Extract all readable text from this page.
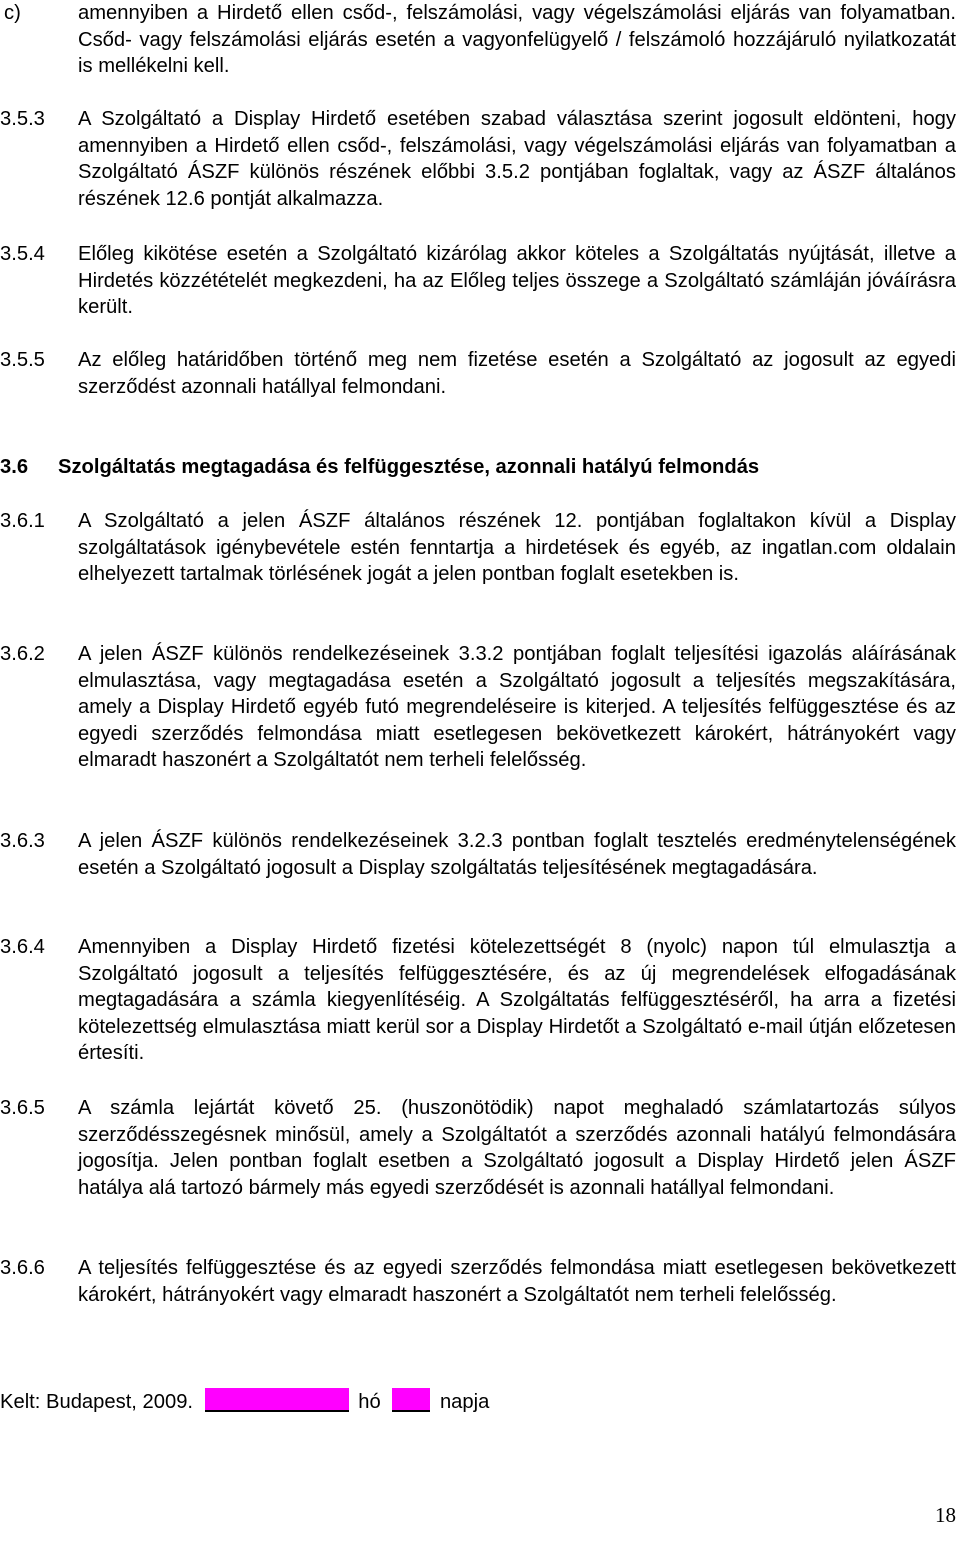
c)	amennyiben a Hirdető ellen csőd-, felszámolási, vagy végelszámolási eljárás van folyamatban. Csőd- vagy felszámolási eljárás esetén a vagyonfelügyelő / felszámoló hozzájáruló nyilatkozatát is mellékelni kell.
3.5.3	A Szolgáltató a Display Hirdető esetében szabad választása szerint jogosult eldönteni, hogy amennyiben a Hirdető ellen csőd-, felszámolási, vagy végelszámolási eljárás van folyamatban a Szolgáltató ÁSZF különös részének előbbi 3.5.2 pontjában foglaltak, vagy az ÁSZF általános részének 12.6 pontját alkalmazza.
3.5.4	Előleg kikötése esetén a Szolgáltató kizárólag akkor köteles a Szolgáltatás nyújtását, illetve a Hirdetés közzétételét megkezdeni, ha az Előleg teljes összege a Szolgáltató számláján jóváírásra került.
3.5.5	Az előleg határidőben történő meg nem fizetése esetén a Szolgáltató az jogosult az egyedi szerződést azonnali hatállyal felmondani.
3.6	Szolgáltatás megtagadása és felfüggesztése, azonnali hatályú felmondás
3.6.1	A Szolgáltató a jelen ÁSZF általános részének 12. pontjában foglaltakon kívül a Display szolgáltatások igénybevétele estén fenntartja a hirdetések és egyéb, az ingatlan.com oldalain elhelyezett tartalmak törlésének jogát a jelen pontban foglalt esetekben is.
3.6.2	A jelen ÁSZF különös rendelkezéseinek 3.3.2 pontjában foglalt teljesítési igazolás aláírásának elmulasztása, vagy megtagadása esetén a Szolgáltató jogosult a teljesítés megszakítására, amely a Display Hirdető egyéb futó megrendeléseire is kiterjed. A teljesítés felfüggesztése és az egyedi szerződés felmondása miatt esetlegesen bekövetkezett károkért, hátrányokért vagy elmaradt haszonért a Szolgáltatót nem terheli felelősség.
3.6.3	A jelen ÁSZF különös rendelkezéseinek 3.2.3 pontban foglalt tesztelés eredménytelenségének esetén a Szolgáltató jogosult a Display szolgáltatás teljesítésének megtagadására.
3.6.4	Amennyiben a Display Hirdető fizetési kötelezettségét 8 (nyolc) napon túl elmulasztja a Szolgáltató jogosult a teljesítés felfüggesztésére, és az új megrendelések elfogadásának megtagadására a számla kiegyenlítéséig. A Szolgáltatás felfüggesztéséről, ha arra a fizetési kötelezettség elmulasztása miatt kerül sor a Display Hirdetőt a Szolgáltató e-mail útján előzetesen értesíti.
3.6.5	A számla lejártát követő 25. (huszonötödik) napot meghaladó számlatartozás súlyos szerződésszegésnek minősül, amely a Szolgáltatót a szerződés azonnali hatályú felmondására jogosítja. Jelen pontban foglalt esetben a Szolgáltató jogosult a Display Hirdető jelen ÁSZF hatálya alá tartozó bármely más egyedi szerződését is azonnali hatállyal felmondani.
3.6.6	A teljesítés felfüggesztése és az egyedi szerződés felmondása miatt esetlegesen bekövetkezett károkért, hátrányokért vagy elmaradt haszonért a Szolgáltatót nem terheli felelősség.
Kelt: Budapest, 2009.	hó	napja
18
